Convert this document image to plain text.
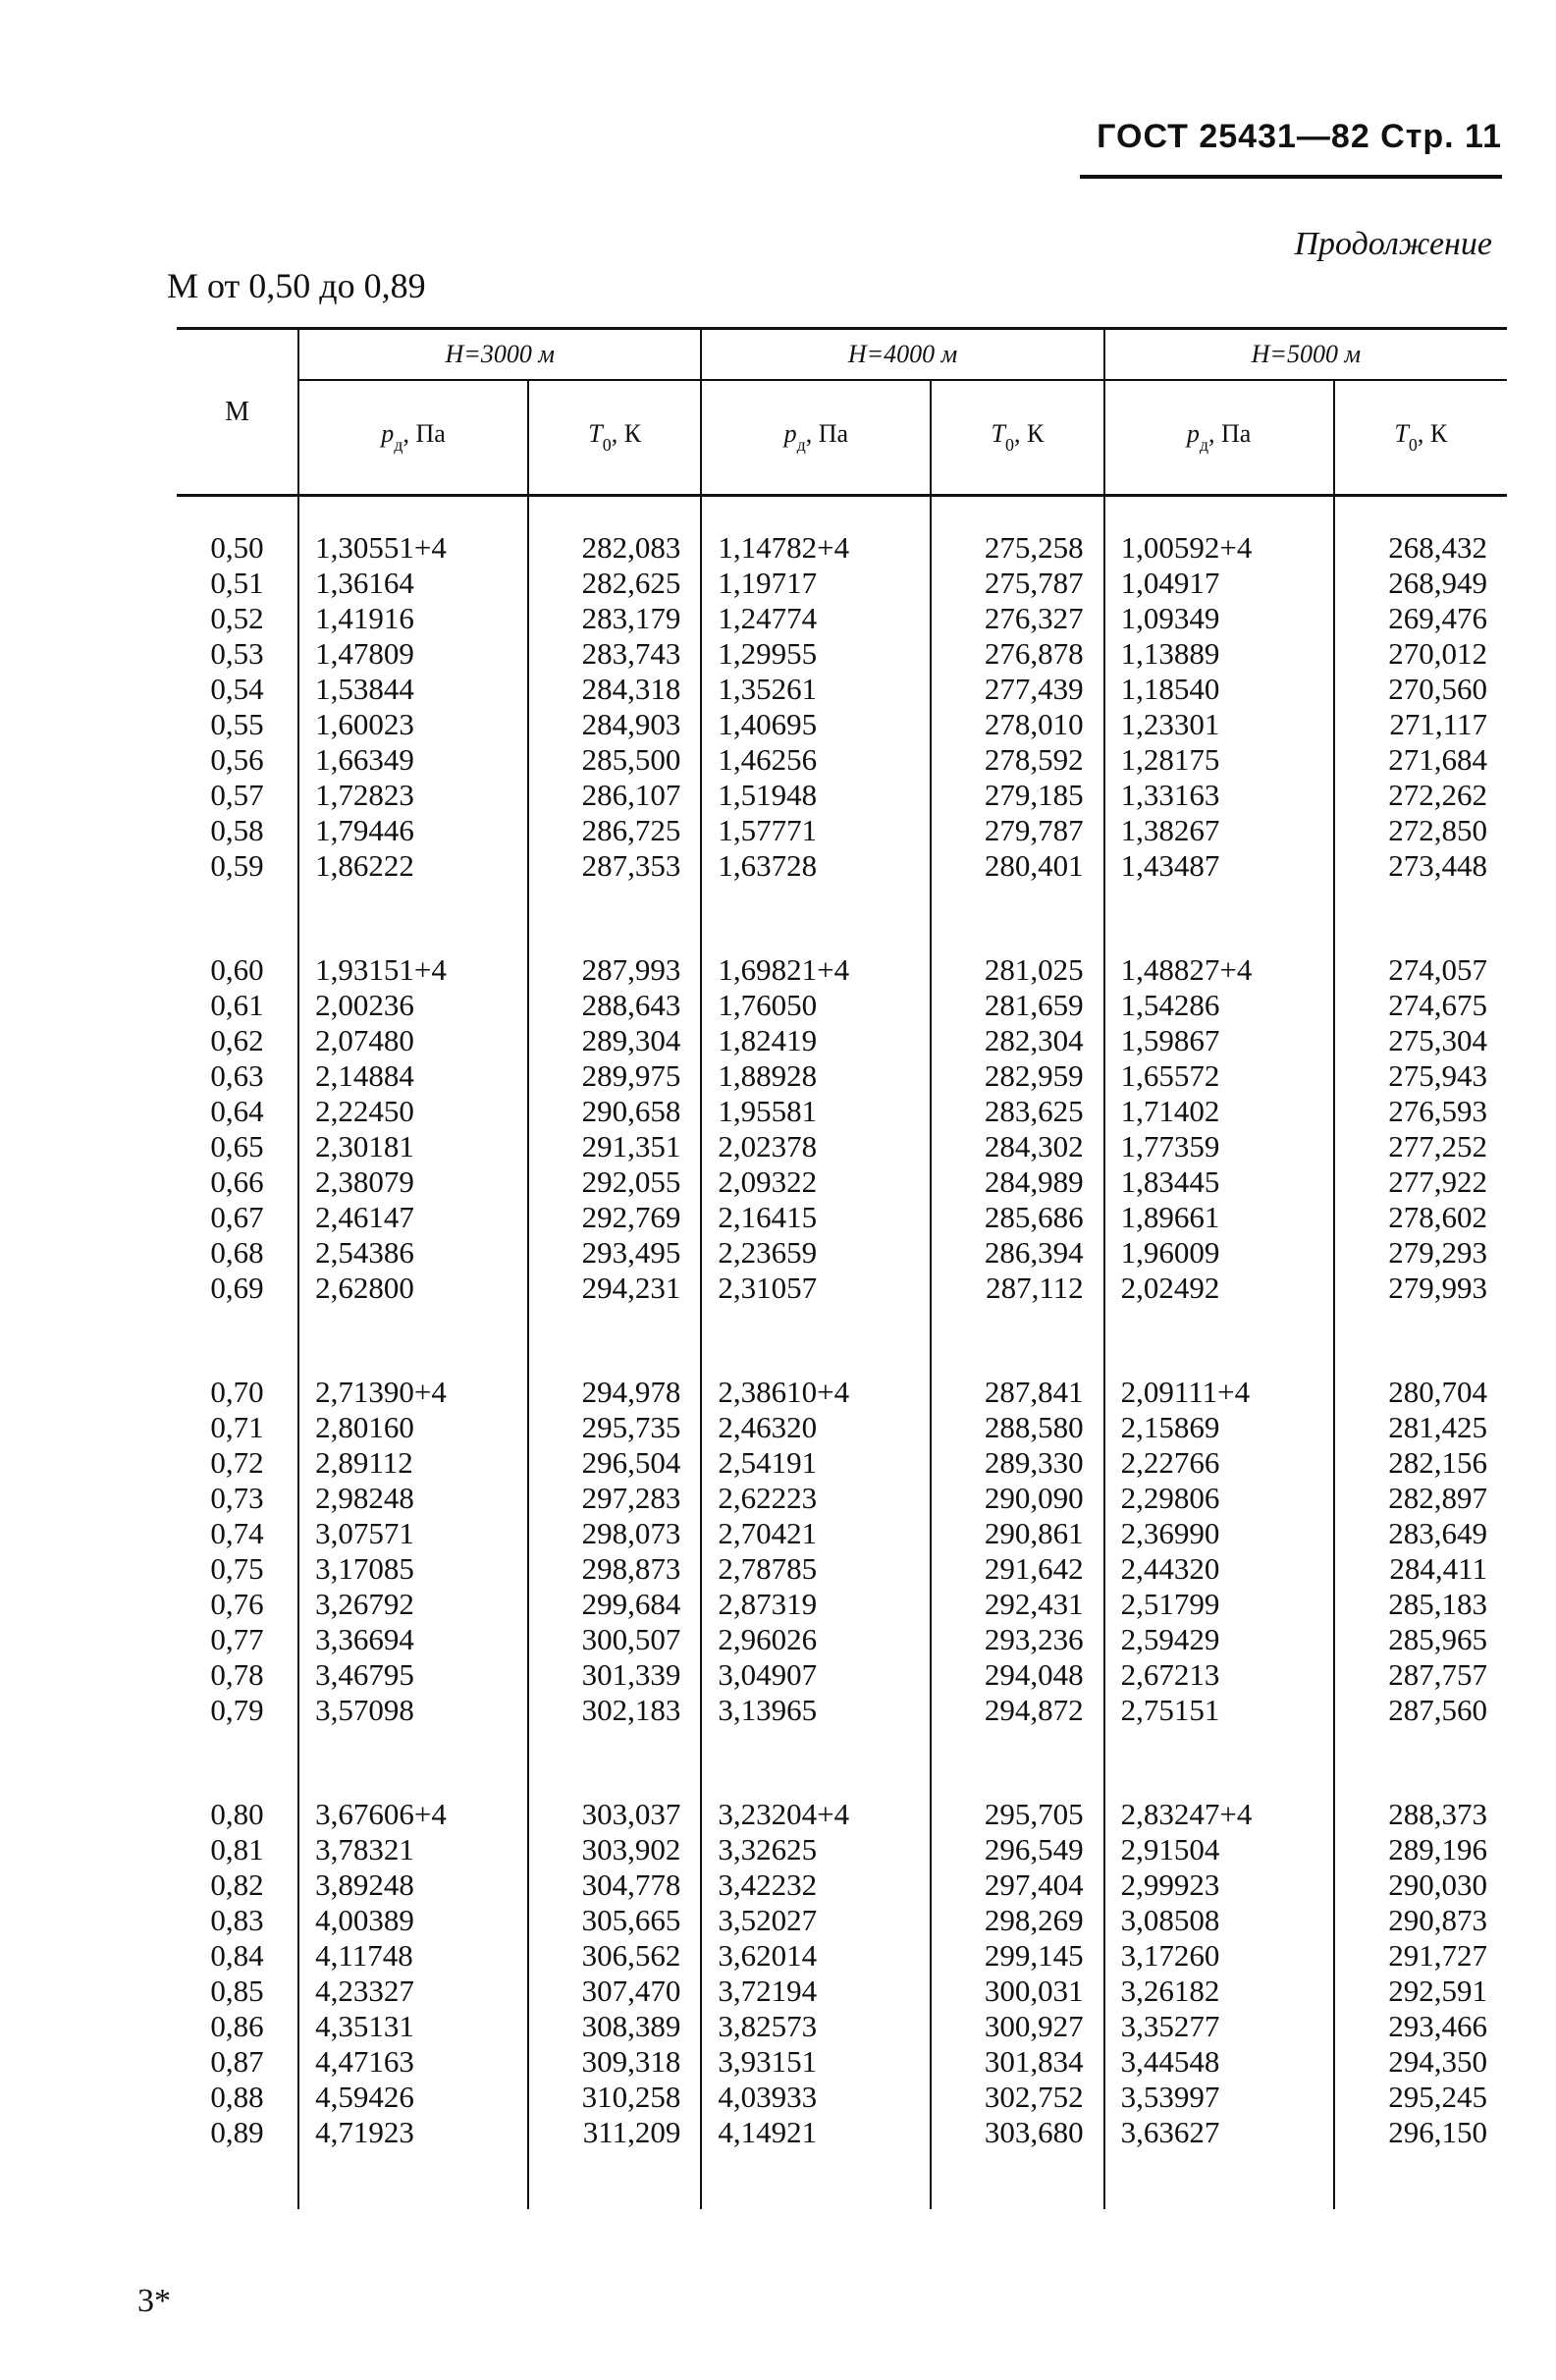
ГОСТ 25431—82 Стр. 11
Продолжение
М от 0,50 до 0,89
М	H=3000 м		H=4000 м		H=5000 м	
	$p_д$, Па	$T_0$, К	$p_д$, Па	$T_0$, К	$p_д$, Па	$T_0$, К
0,50	1,30551+4	282,083	1,14782+4	275,258	1,00592+4	268,432
0,51	1,36164	282,625	1,19717	275,787	1,04917	268,949
0,52	1,41916	283,179	1,24774	276,327	1,09349	269,476
0,53	1,47809	283,743	1,29955	276,878	1,13889	270,012
0,54	1,53844	284,318	1,35261	277,439	1,18540	270,560
0,55	1,60023	284,903	1,40695	278,010	1,23301	271,117
0,56	1,66349	285,500	1,46256	278,592	1,28175	271,684
0,57	1,72823	286,107	1,51948	279,185	1,33163	272,262
0,58	1,79446	286,725	1,57771	279,787	1,38267	272,850
0,59	1,86222	287,353	1,63728	280,401	1,43487	273,448

0,60	1,93151+4	287,993	1,69821+4	281,025	1,48827+4	274,057
0,61	2,00236	288,643	1,76050	281,659	1,54286	274,675
0,62	2,07480	289,304	1,82419	282,304	1,59867	275,304
0,63	2,14884	289,975	1,88928	282,959	1,65572	275,943
0,64	2,22450	290,658	1,95581	283,625	1,71402	276,593
0,65	2,30181	291,351	2,02378	284,302	1,77359	277,252
0,66	2,38079	292,055	2,09322	284,989	1,83445	277,922
0,67	2,46147	292,769	2,16415	285,686	1,89661	278,602
0,68	2,54386	293,495	2,23659	286,394	1,96009	279,293
0,69	2,62800	294,231	2,31057	287,112	2,02492	279,993

0,70	2,71390+4	294,978	2,38610+4	287,841	2,09111+4	280,704
0,71	2,80160	295,735	2,46320	288,580	2,15869	281,425
0,72	2,89112	296,504	2,54191	289,330	2,22766	282,156
0,73	2,98248	297,283	2,62223	290,090	2,29806	282,897
0,74	3,07571	298,073	2,70421	290,861	2,36990	283,649
0,75	3,17085	298,873	2,78785	291,642	2,44320	284,411
0,76	3,26792	299,684	2,87319	292,431	2,51799	285,183
0,77	3,36694	300,507	2,96026	293,236	2,59429	285,965
0,78	3,46795	301,339	3,04907	294,048	2,67213	287,757
0,79	3,57098	302,183	3,13965	294,872	2,75151	287,560

0,80	3,67606+4	303,037	3,23204+4	295,705	2,83247+4	288,373
0,81	3,78321	303,902	3,32625	296,549	2,91504	289,196
0,82	3,89248	304,778	3,42232	297,404	2,99923	290,030
0,83	4,00389	305,665	3,52027	298,269	3,08508	290,873
0,84	4,11748	306,562	3,62014	299,145	3,17260	291,727
0,85	4,23327	307,470	3,72194	300,031	3,26182	292,591
0,86	4,35131	308,389	3,82573	300,927	3,35277	293,466
0,87	4,47163	309,318	3,93151	301,834	3,44548	294,350
0,88	4,59426	310,258	4,03933	302,752	3,53997	295,245
0,89	4,71923	311,209	4,14921	303,680	3,63627	296,150

3*
